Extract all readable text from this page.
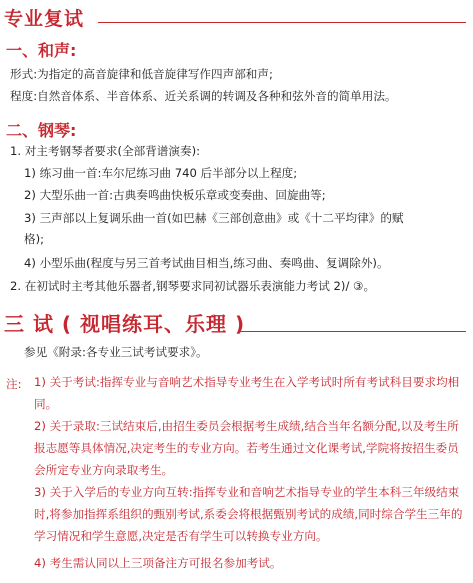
专业复试
一、和声:
形式:为指定的高音旋律和低音旋律写作四声部和声;
程度:自然音体系、半音体系、近关系调的转调及各种和弦外音的简单用法。
二、钢琴:
1. 对主考钢琴者要求(全部背谱演奏):
1) 练习曲一首:车尔尼练习曲 740 后半部分以上程度;
2) 大型乐曲一首:古典奏鸣曲快板乐章或变奏曲、回旋曲等;
3) 三声部以上复调乐曲一首(如巴赫《三部创意曲》或《十二平均律》的赋
格);
4) 小型乐曲(程度与另三首考试曲目相当,练习曲、奏鸣曲、复调除外)。
2. 在初试时主考其他乐器者,钢琴要求同初试器乐表演能力考试 2)/ ③。
三 试 ( 视唱练耳、乐理 )
参见《附录:各专业三试考试要求》。
注: 1) 关于考试:指挥专业与音响艺术指导专业考生在入学考试时所有考试科目要求均相同。
2) 关于录取:三试结束后,由招生委员会根据考生成绩,结合当年名额分配,以及考生所报志愿等具体情况,决定考生的专业方向。若考生通过文化课考试,学院将按招生委员会所定专业方向录取考生。
3) 关于入学后的专业方向互转:指挥专业和音响艺术指导专业的学生本科三年级结束时,将参加指挥系组织的甄别考试,系委会将根据甄别考试的成绩,同时综合学生三年的学习情况和学生意愿,决定是否有学生可以转换专业方向。
4) 考生需认同以上三项备注方可报名参加考试。
